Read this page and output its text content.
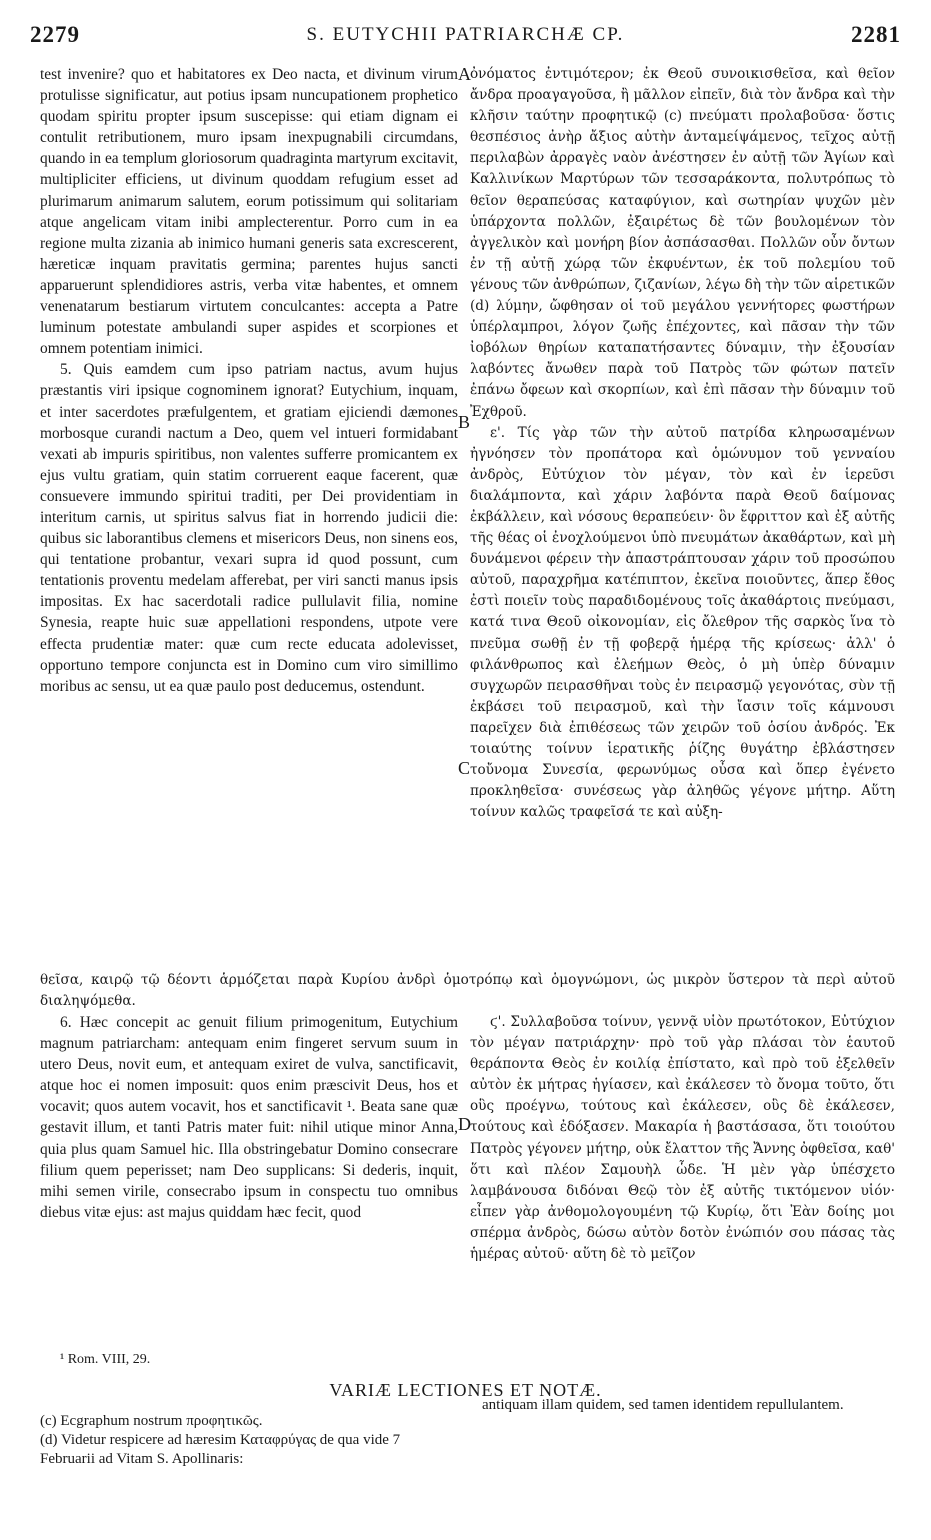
2279	S. EUTYCHII PATRIARCHÆ CP.	2281

test invenire? quo et habitatores ex Deo nacta, et divinum virum protulisse significatur, aut potius ipsam nuncupationem prophetico quodam spiritu propter ipsum suscepisse: qui etiam dignam ei contulit retributionem, muro ipsam inexpugnabili circumdans, quando in ea templum gloriosorum quadraginta martyrum excitavit, multipliciter efficiens, ut divinum quoddam refugium esset ad plurimarum animarum salutem, eorum potissimum qui solitariam atque angelicam vitam inibi amplecterentur. Porro cum in ea regione multa zizania ab inimico humani generis sata excrescerent, hæreticæ inquam pravitatis germina; parentes hujus sancti apparuerunt splendidiores astris, verba vitæ habentes, et omnem venenatarum bestiarum virtutem conculcantes: accepta a Patre luminum potestate ambulandi super aspides et scorpiones et omnem potentiam inimici.

5. Quis eamdem cum ipso patriam nactus, avum hujus præstantis viri ipsique cognominem ignorat? Eutychium, inquam, et inter sacerdotes præfulgentem, et gratiam ejiciendi dæmones morbosque curandi nactum a Deo, quem vel intueri formidabant vexati ab impuris spiritibus, non valentes sufferre promicantem ex ejus vultu gratiam, quin statim corruerent eaque facerent, quæ consuevere immundo spiritui traditi, per Dei providentiam in interitum carnis, ut spiritus salvus fiat in horrendo judicii die: quibus sic laborantibus clemens et misericors Deus, non sinens eos, qui tentatione probantur, vexari supra id quod possunt, cum tentationis proventu medelam afferebat, per viri sancti manus ipsis impositas. Ex hac sacerdotali radice pullulavit filia, nomine Synesia, reapte huic suæ appellationi respondens, utpote vere effecta prudentiæ mater: quæ cum recte educata adolevisset, opportuno tempore conjuncta est in Domino cum viro simillimo moribus ac sensu, ut ea quæ paulo post deducemus, ostendunt.

A
B
C
D

ὀνόματος ἐντιμότερον; ἐκ Θεοῦ συνοικισθεῖσα, καὶ θεῖον ἄνδρα προαγαγοῦσα, ἢ μᾶλλον εἰπεῖν, διὰ τὸν ἄνδρα καὶ τὴν κλῆσιν ταύτην προφητικῷ (c) πνεύματι προλαβοῦσα· ὅστις θεσπέσιος ἀνὴρ ἄξιος αὐτὴν ἀνταμείψάμενος, τεῖχος αὐτῇ περιλαβὼν ἀρραγὲς ναὸν ἀνέστησεν ἐν αὐτῇ τῶν Ἁγίων καὶ Καλλινίκων Μαρτύρων τῶν τεσσαράκοντα, πολυτρόπως τὸ θεῖον θεραπεύσας καταφύγιον, καὶ σωτηρίαν ψυχῶν μὲν ὑπάρχοντα πολλῶν, ἐξαιρέτως δὲ τῶν βουλομένων τὸν ἀγγελικὸν καὶ μονήρη βίον ἀσπάσασθαι. Πολλῶν οὖν ὄντων ἐν τῇ αὐτῇ χώρᾳ τῶν ἐκφυέντων, ἐκ τοῦ πολεμίου τοῦ γένους τῶν ἀνθρώπων, ζιζανίων, λέγω δὴ τὴν τῶν αἱρετικῶν (d) λύμην, ὤφθησαν οἱ τοῦ μεγάλου γεννήτορες φωστήρων ὑπέρλαμπροι, λόγον ζωῆς ἐπέχοντες, καὶ πᾶσαν τὴν τῶν ἰοβόλων θηρίων καταπατήσαντες δύναμιν, τὴν ἐξουσίαν λαβόντες ἄνωθεν παρὰ τοῦ Πατρὸς τῶν φώτων πατεῖν ἐπάνω ὄφεων καὶ σκορπίων, καὶ ἐπὶ πᾶσαν τὴν δύναμιν τοῦ Ἐχθροῦ.

ε'. Τίς γὰρ τῶν τὴν αὐτοῦ πατρίδα κληρωσαμένων ἠγνόησεν τὸν προπάτορα καὶ ὁμώνυμον τοῦ γενναίου ἀνδρὸς, Εὐτύχιον τὸν μέγαν, τὸν καὶ ἐν ἱερεῦσι διαλάμποντα, καὶ χάριν λαβόντα παρὰ Θεοῦ δαίμονας ἐκβάλλειν, καὶ νόσους θεραπεύειν· ὃν ἔφριττον καὶ ἐξ αὐτῆς τῆς θέας οἱ ἐνοχλούμενοι ὑπὸ πνευμάτων ἀκαθάρτων, καὶ μὴ δυνάμενοι φέρειν τὴν ἀπαστράπτουσαν χάριν τοῦ προσώπου αὐτοῦ, παραχρῆμα κατέπιπτον, ἐκεῖνα ποιοῦντες, ἅπερ ἔθος ἐστὶ ποιεῖν τοὺς παραδιδομένους τοῖς ἀκαθάρτοις πνεύμασι, κατά τινα Θεοῦ οἰκονομίαν, εἰς ὄλεθρον τῆς σαρκὸς ἵνα τὸ πνεῦμα σωθῇ ἐν τῇ φοβερᾷ ἡμέρᾳ τῆς κρίσεως· ἀλλ' ὁ φιλάνθρωπος καὶ ἐλεήμων Θεὸς, ὁ μὴ ὑπὲρ δύναμιν συγχωρῶν πειρασθῆναι τοὺς ἐν πειρασμῷ γεγονότας, σὺν τῇ ἐκβάσει τοῦ πειρασμοῦ, καὶ τὴν ἴασιν τοῖς κάμνουσι παρεῖχεν διὰ ἐπιθέσεως τῶν χειρῶν τοῦ ὁσίου ἀνδρός. Ἐκ τοιαύτης τοίνυν ἱερατικῆς ῥίζης θυγάτηρ ἐβλάστησεν τοὔνομα Συνεσία, φερωνύμως οὖσα καὶ ὅπερ ἐγένετο προκληθεῖσα· συνέσεως γὰρ ἀληθῶς γέγονε μήτηρ. Αὕτη τοίνυν καλῶς τραφεῖσά τε καὶ αὐξη-

θεῖσα, καιρῷ τῷ δέοντι ἁρμόζεται παρὰ Κυρίου ἀνδρὶ ὁμοτρόπῳ καὶ ὁμογνώμονι, ὡς μικρὸν ὕστερον τὰ περὶ αὐτοῦ διαληψόμεθα.

6. Hæc concepit ac genuit filium primogenitum, Eutychium magnum patriarcham: antequam enim fingeret servum suum in utero Deus, novit eum, et antequam exiret de vulva, sanctificavit, atque hoc ei nomen imposuit: quos enim præscivit Deus, hos et vocavit; quos autem vocavit, hos et sanctificavit ¹. Beata sane quæ gestavit illum, et tanti Patris mater fuit: nihil utique minor Anna, quia plus quam Samuel hic. Illa obstringebatur Domino consecrare filium quem peperisset; nam Deo supplicans: Si dederis, inquit, mihi semen virile, consecrabo ipsum in conspectu tuo omnibus diebus vitæ ejus: ast majus quiddam hæc fecit, quod

ϛ'. Συλλαβοῦσα τοίνυν, γεννᾷ υἱὸν πρωτότοκον, Εὐτύχιον τὸν μέγαν πατριάρχην· πρὸ τοῦ γὰρ πλάσαι τὸν ἑαυτοῦ θεράποντα Θεὸς ἐν κοιλίᾳ ἐπίστατο, καὶ πρὸ τοῦ ἐξελθεῖν αὐτὸν ἐκ μήτρας ἡγίασεν, καὶ ἐκάλεσεν τὸ ὄνομα τοῦτο, ὅτι οὓς προέγνω, τούτους καὶ ἐκάλεσεν, οὓς δὲ ἐκάλεσεν, τούτους καὶ ἐδόξασεν. Μακαρία ἡ βαστάσασα, ὅτι τοιούτου Πατρὸς γέγονεν μήτηρ, οὐκ ἔλαττον τῆς Ἄννης ὀφθεῖσα, καθ' ὅτι καὶ πλέον Σαμουὴλ ὧδε. Ἡ μὲν γὰρ ὑπέσχετο λαμβάνουσα διδόναι Θεῷ τὸν ἐξ αὐτῆς τικτόμενον υἱόν· εἶπεν γὰρ ἀνθομολογουμένη τῷ Κυρίῳ, ὅτι Ἐὰν δοίης μοι σπέρμα ἀνδρὸς, δώσω αὐτὸν δοτὸν ἐνώπιόν σου πάσας τὰς ἡμέρας αὐτοῦ· αὕτη δὲ τὸ μεῖζον

¹ Rom. VIII, 29.
VARIÆ LECTIONES ET NOTÆ.

(c) Ecgraphum nostrum προφητικῶς.

(d) Videtur respicere ad hæresim Καταφρύγας de qua vide 7 Februarii ad Vitam S. Apollinaris:

antiquam illam quidem, sed tamen identidem repullulantem.
